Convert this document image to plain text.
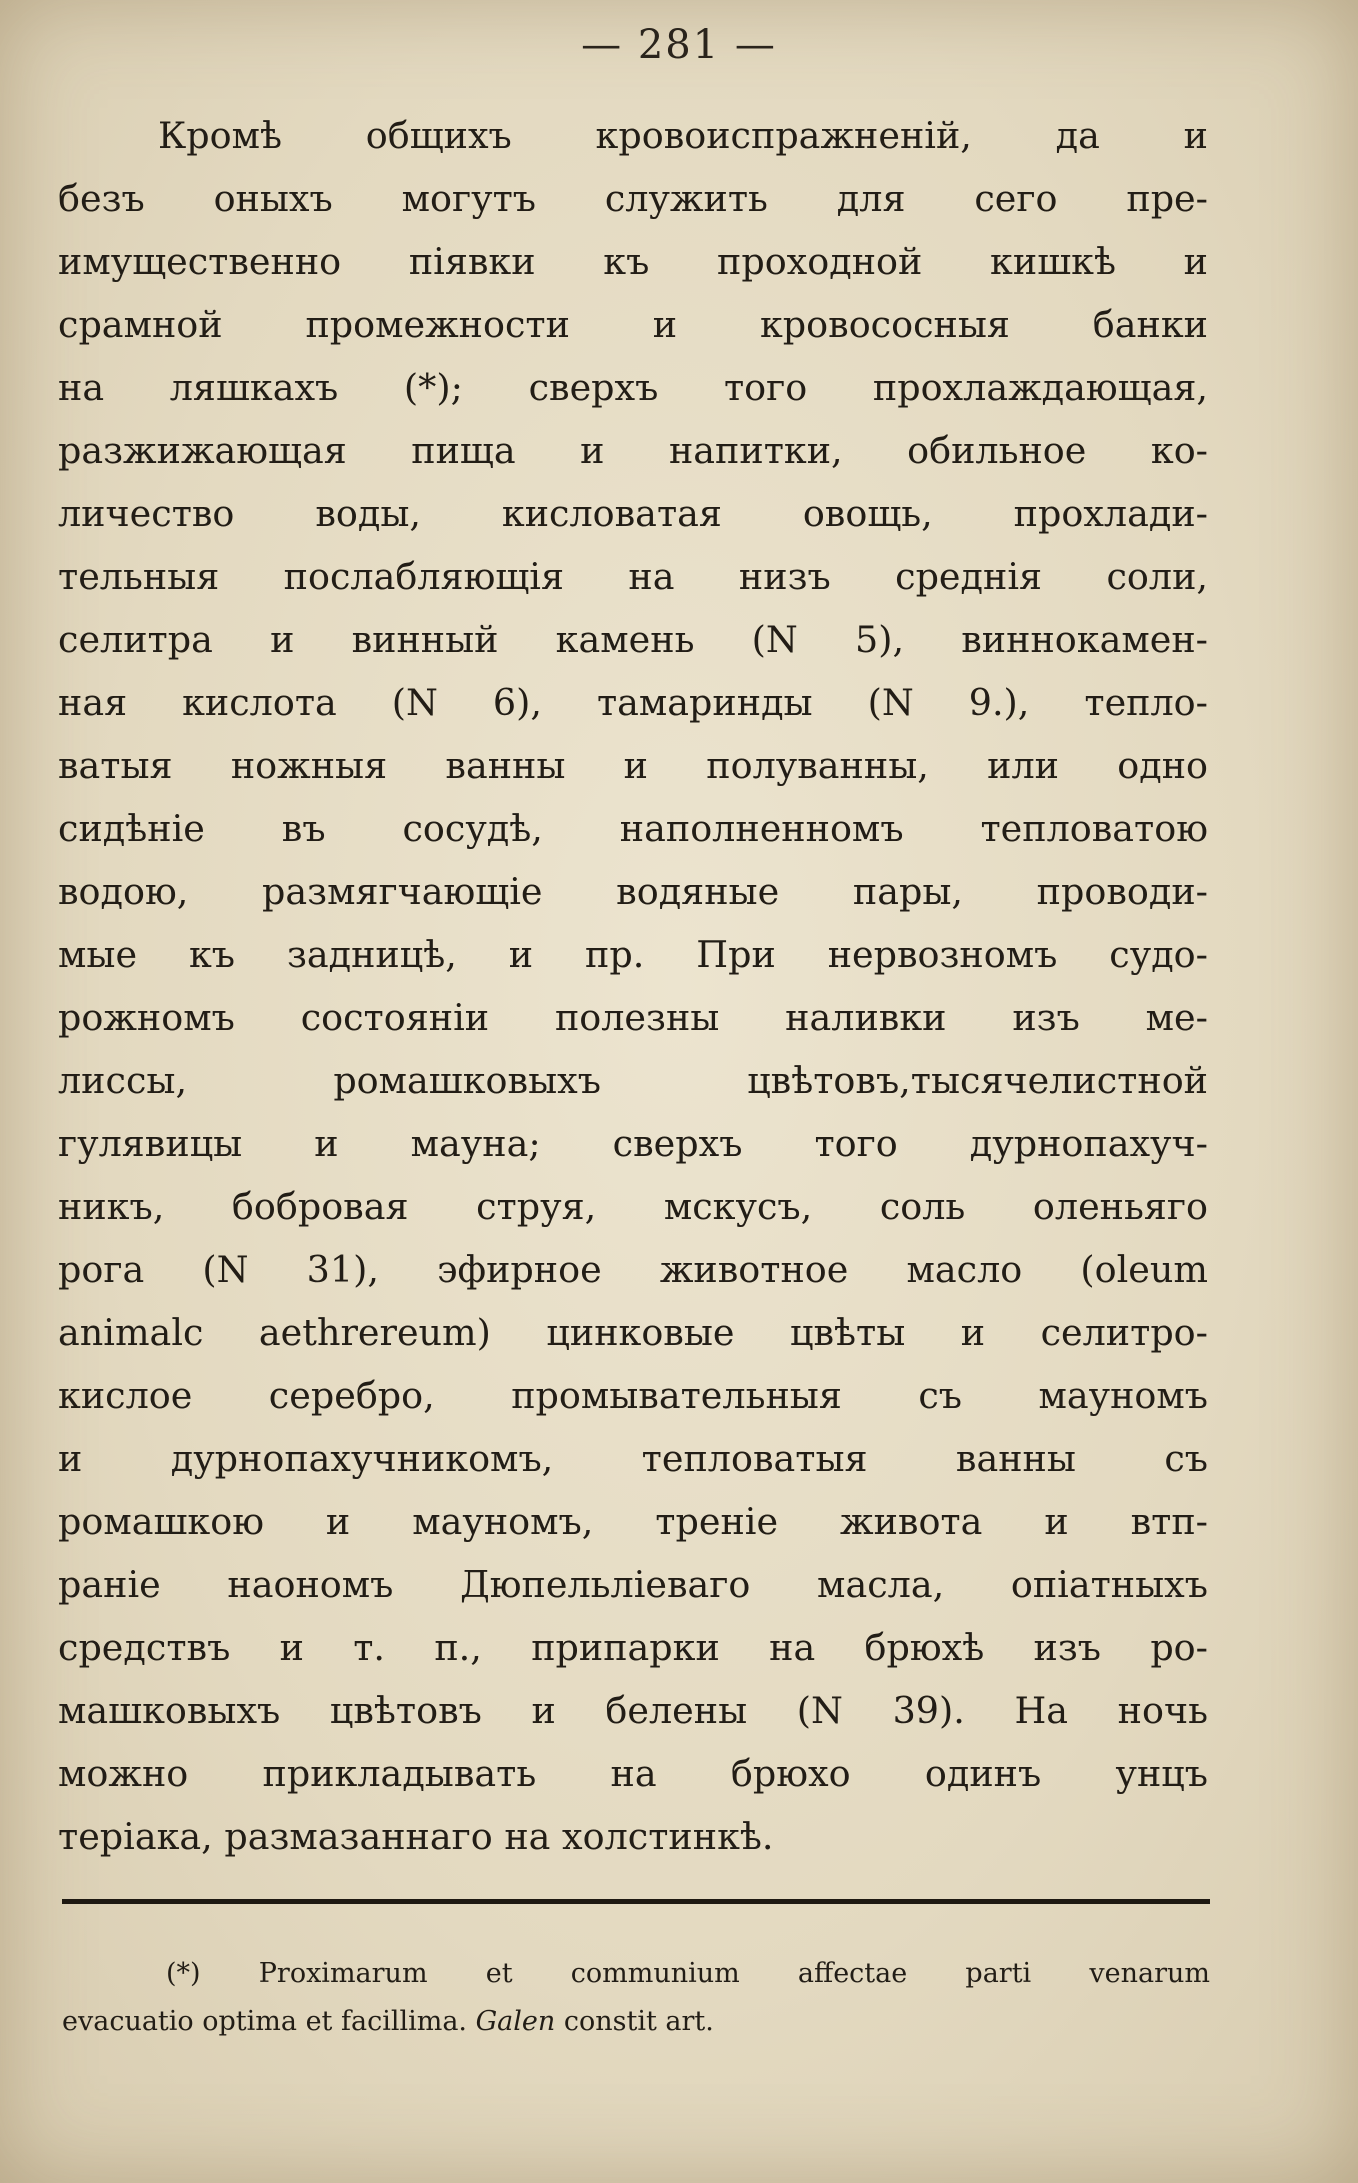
— 281 —
Кромѣ общихъ кровоиспражненій, да и
безъ оныхъ могутъ служить для сего пре-
имущественно піявки къ проходной кишкѣ и
срамной промежности и кровососныя банки
на ляшкахъ (*); сверхъ того прохлаждающая,
разжижающая пища и напитки, обильное ко-
личество воды, кисловатая овощь, прохлади-
тельныя послабляющія на низъ среднія соли,
селитра и винный камень (N 5), виннокамен-
ная кислота (N 6), тамаринды (N 9.), тепло-
ватыя ножныя ванны и полуванны, или одно
сидѣніе въ сосудѣ, наполненномъ тепловатою
водою, размягчающіе водяные пары, проводи-
мые къ задницѣ, и пр. При нервозномъ судо-
рожномъ состояніи полезны наливки изъ ме-
лиссы, ромашковыхъ цвѣтовъ,тысячелистной
гулявицы и мауна; сверхъ того дурнопахуч-
никъ, бобровая струя, мскусъ, соль оленьяго
рога (N 31), эфирное животное масло (oleum
animalc aethrereum) цинковые цвѣты и селитро-
кислое серебро, промывательныя съ мауномъ
и дурнопахучникомъ, тепловатыя ванны съ
ромашкою и мауномъ, треніе живота и втп-
раніе наономъ Дюпельліеваго масла, опіатныхъ
средствъ и т. п., припарки на брюхѣ изъ ро-
машковыхъ цвѣтовъ и белены (N 39). На ночь
можно прикладывать на брюхо одинъ унцъ
теріака, размазаннаго на холстинкѣ.
(*) Proximarum et communium affectae parti venarum
evacuatio optima et facillima. Galen constit art.
